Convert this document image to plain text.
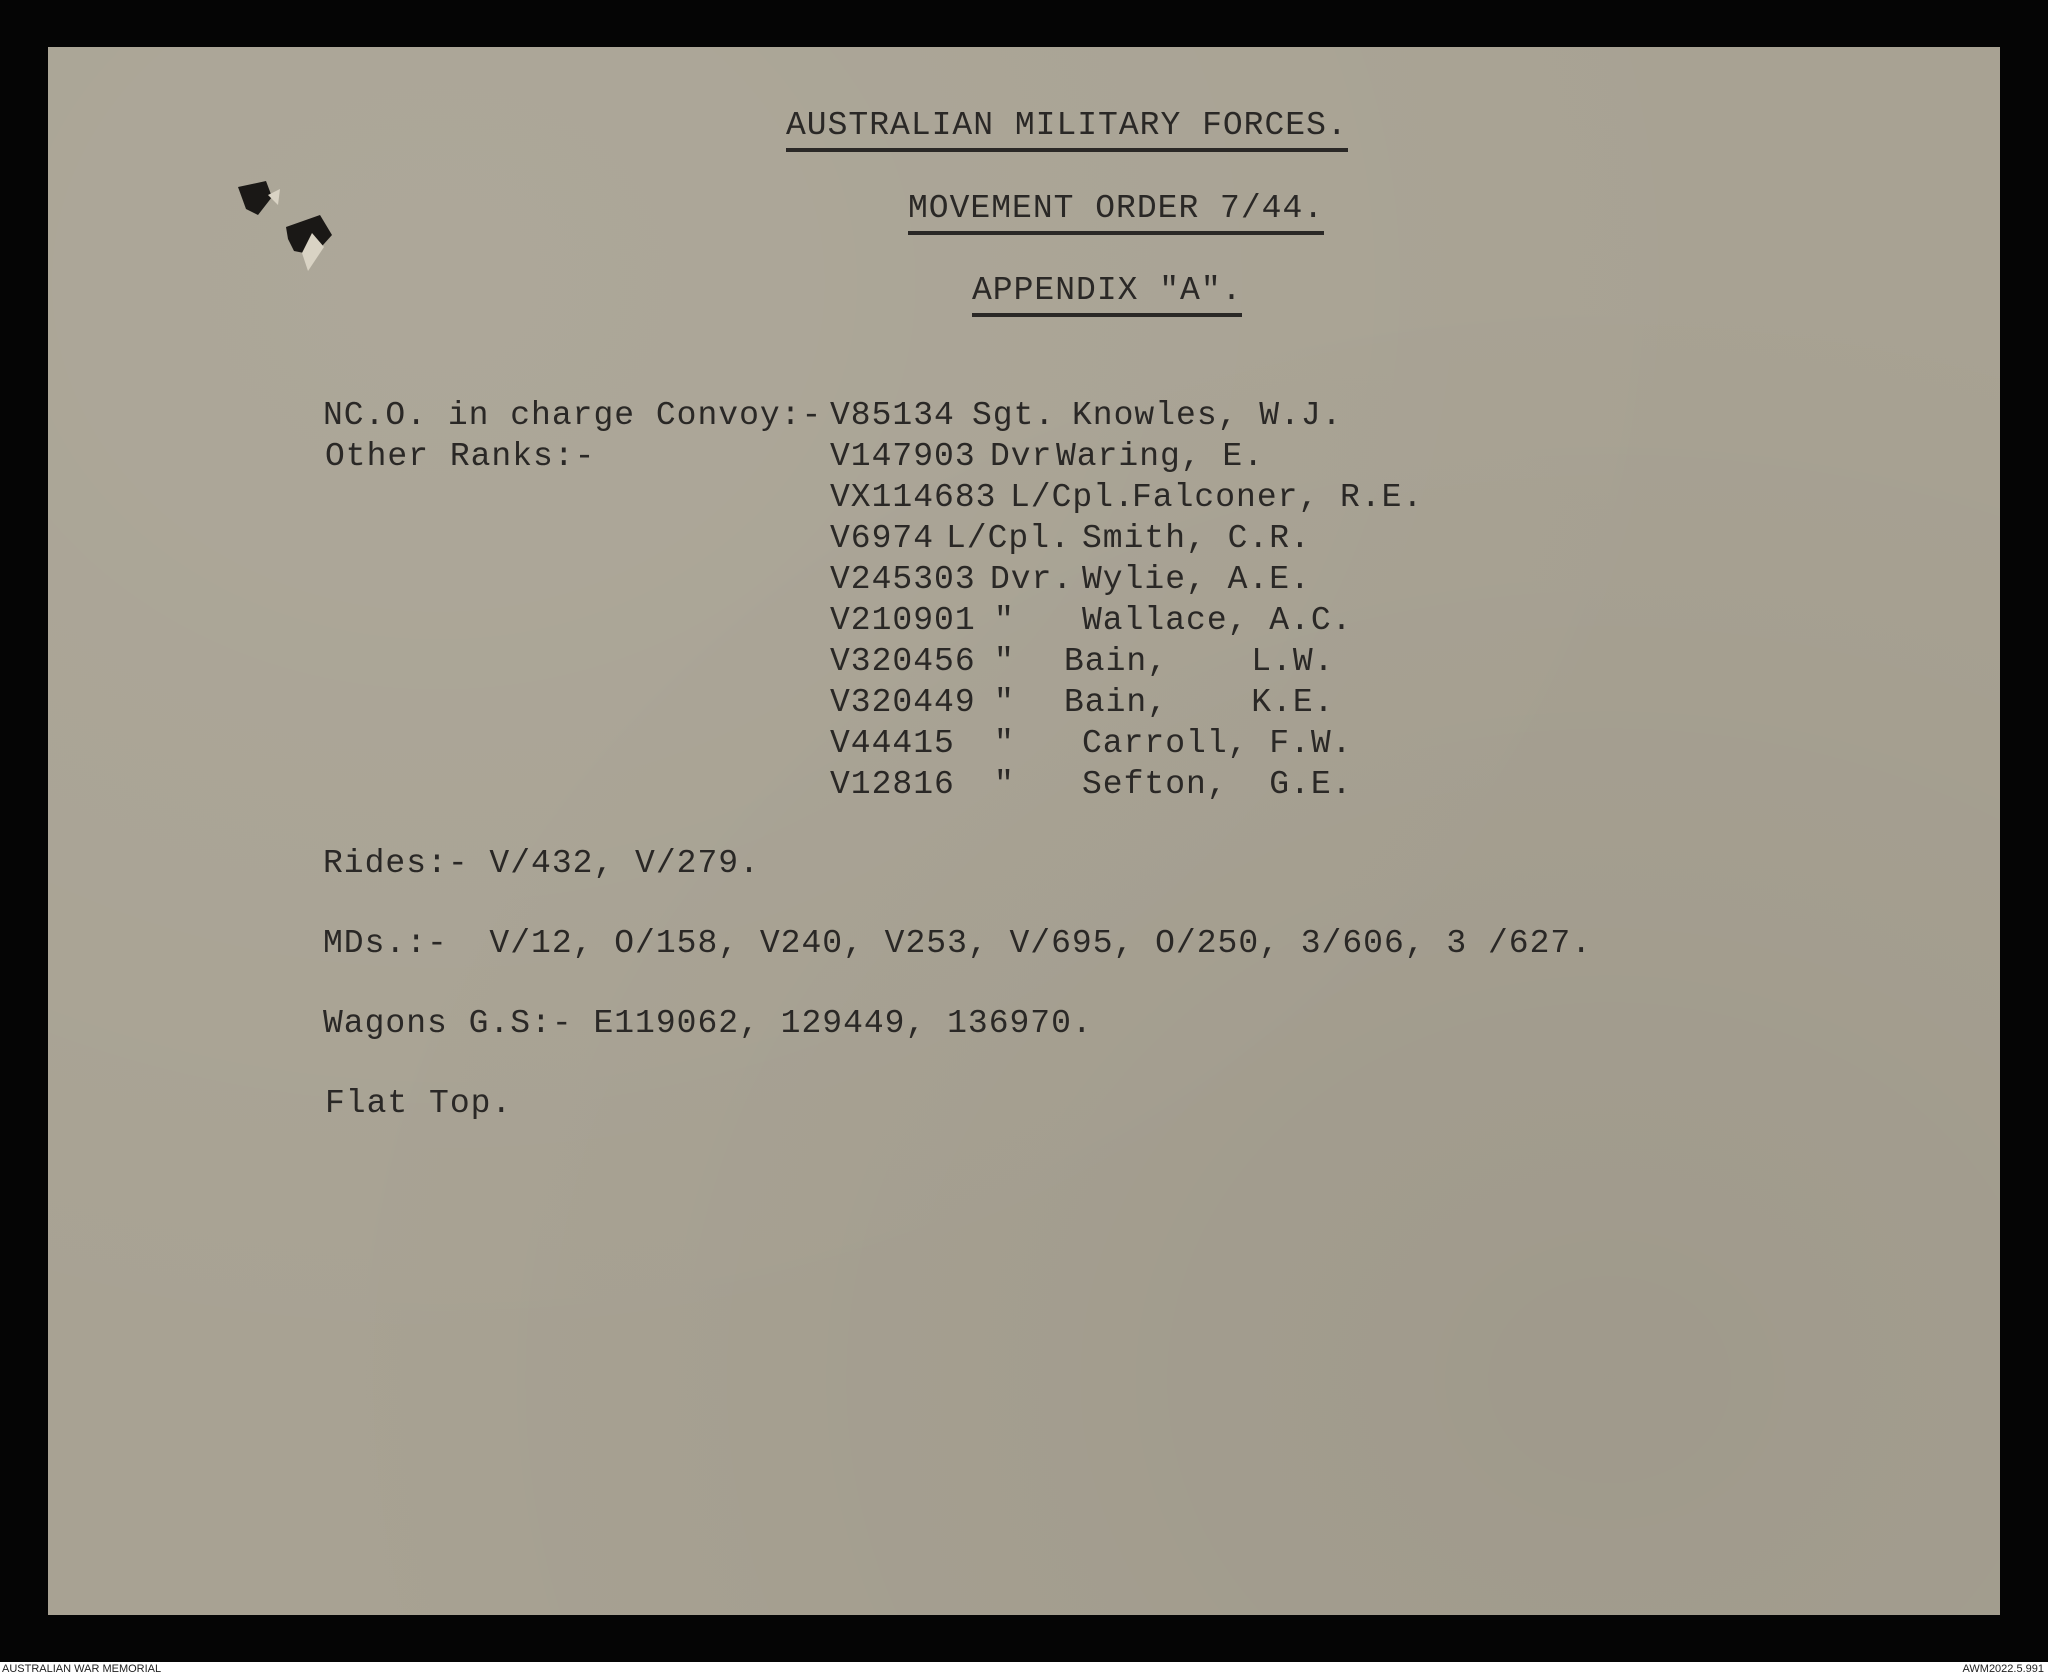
AUSTRALIAN MILITARY FORCES.
MOVEMENT ORDER 7/44.
APPENDIX "A".
NC.O. in charge Convoy:-
Other Ranks:-
V85134 Sgt. Knowles, W.J.
V147903 Dvr.
Waring, E.
VX114683 L/Cpl.
Falconer, R.E.
V6974 L/Cpl. Smith, C.R.
V245303 Dvr. Wylie, A.E.
V210901 " Wallace, A.C.
V320456 " Bain,    L.W.
V320449 " Bain,    K.E.
V44415 " Carroll, F.W.
V12816 " Sefton,  G.E.
Rides:- V/432, V/279.
MDs.:-  V/12, O/158, V240, V253, V/695, O/250, 3/606, 3 /627.
Wagons G.S:- E119062, 129449, 136970.
Flat Top.
AUSTRALIAN WAR MEMORIAL	AWM2022.5.991
